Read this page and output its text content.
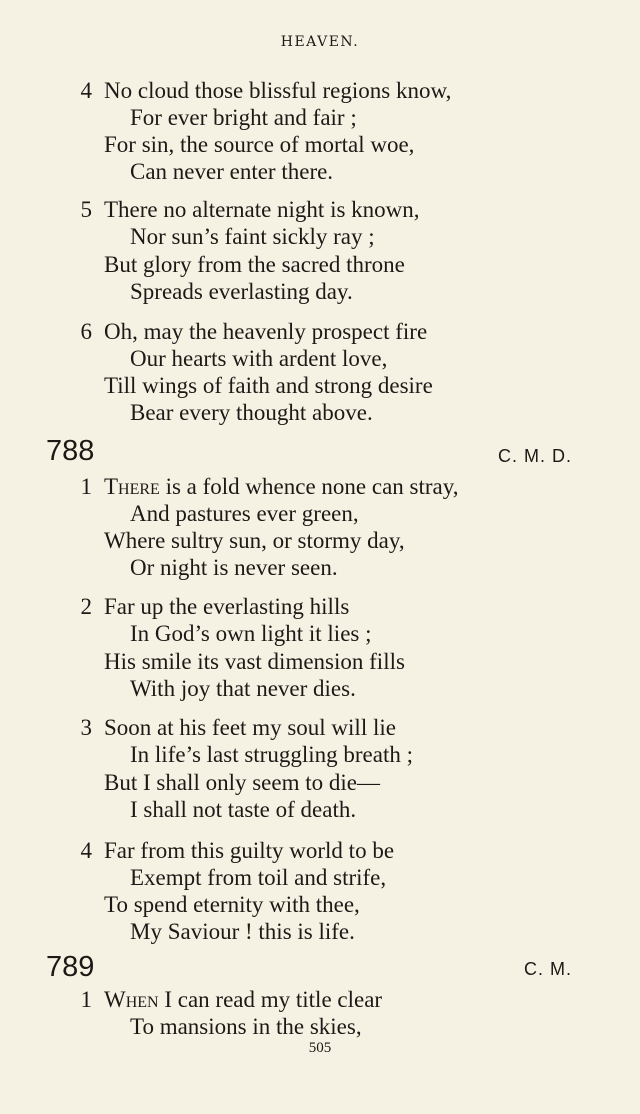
HEAVEN.
4 No cloud those blissful regions know,
For ever bright and fair ;
For sin, the source of mortal woe,
Can never enter there.
5 There no alternate night is known,
Nor sun’s faint sickly ray ;
But glory from the sacred throne
Spreads everlasting day.
6 Oh, may the heavenly prospect fire
Our hearts with ardent love,
Till wings of faith and strong desire
Bear every thought above.
788	C. M. D.
1 There is a fold whence none can stray,
And pastures ever green,
Where sultry sun, or stormy day,
Or night is never seen.
2 Far up the everlasting hills
In God’s own light it lies ;
His smile its vast dimension fills
With joy that never dies.
3 Soon at his feet my soul will lie
In life’s last struggling breath ;
But I shall only seem to die—
I shall not taste of death.
4 Far from this guilty world to be
Exempt from toil and strife,
To spend eternity with thee,
My Saviour ! this is life.
789	C. M.
1 When I can read my title clear
To mansions in the skies,
505
